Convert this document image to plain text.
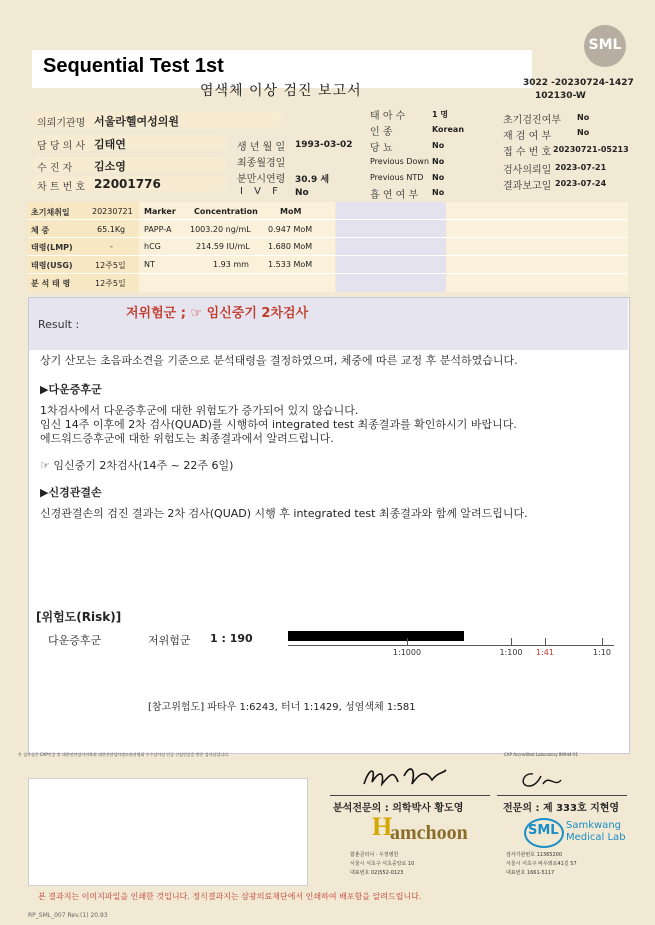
SML
Sequential Test 1st
염색체 이상 검진 보고서	3022 -20230724-1427
102130-W
의뢰기관명 서울라헬여성의원
담 당 의 사 김태연
수 진 자 김소영
차 트 번 호 22001776
생 년 월 일 1993-03-02
최종월경일
분만시연령 30.9 세
I V F No
태 아 수	1 명
인 종	Korean
당 뇨	No
Previous Down No
Previous NTD No
흡 연 여 부 No
초기검진여부 No
재 검 여 부	No
접 수 번 호 20230721-05213
검사의뢰일 2023-07-21
결과보고일 2023-07-24
초기채취일	20230721
체 중	65.1Kg
태령(LMP)	-
태령(USG)	12주5일
분 석 태 령	12주5일
Marker Concentration	MoM
PAPP-A 1003.20 ng/mL 0.947 MoM
hCG	214.59 IU/mL 1.680 MoM
NT	1.93 mm 1.533 MoM
Result :
저위험군 ; ☞ 임신중기 2차검사
상기 산모는 초음파소견을 기준으로 분석태령을 결정하였으며, 체중에 따른 교정 후 분석하였습니다.
▶다운증후군
1차검사에서 다운증후군에 대한 위험도가 증가되어 있지 않습니다.
임신 14주 이후에 2차 검사(QUAD)를 시행하여 integrated test 최종결과를 확인하시기 바랍니다.
에드워드증후군에 대한 위험도는 최종결과에서 알려드립니다.
☞ 임신중기 2차검사(14주 ~ 22주 6일)
▶신경관결손
신경관결손의 검진 결과는 2차 검사(QUAD) 시행 후 integrated test 최종결과와 함께 알려드립니다.
[위험도(Risk)]
다운증후군	저위험군 1 : 190
1:1000	1:100	1:41	1:10
[참고위험도] 파타우 1:6243, 터너 1:1429, 성염색체 1:581
본 검사실은 CAP인증 및 대한진단검사의학회 대한진단검사정도관리협회 우수검사실 인증 신임인증을 받은 검사실입니다.	CAP Accredited Laboratory 89944-01
분석전문의 : 의학박사 황도영	전문의 : 제 333호 지현영
H
amchoon
함춘클리닉 · 우정병원
서울시 서초구 서초중앙로 10
대표번호 02)552-0123
SML Samkwang
Medical Lab
검사기관번호 11365200
서울시 서초구 바우뫼로41길 57
대표번호 1661-5117
본 결과지는 이미지파일을 인쇄한 것입니다. 정식결과지는 삼광의료재단에서 인쇄하여 배포함을 알려드립니다.
RP_SML_007 Rev.(1) 20.93
